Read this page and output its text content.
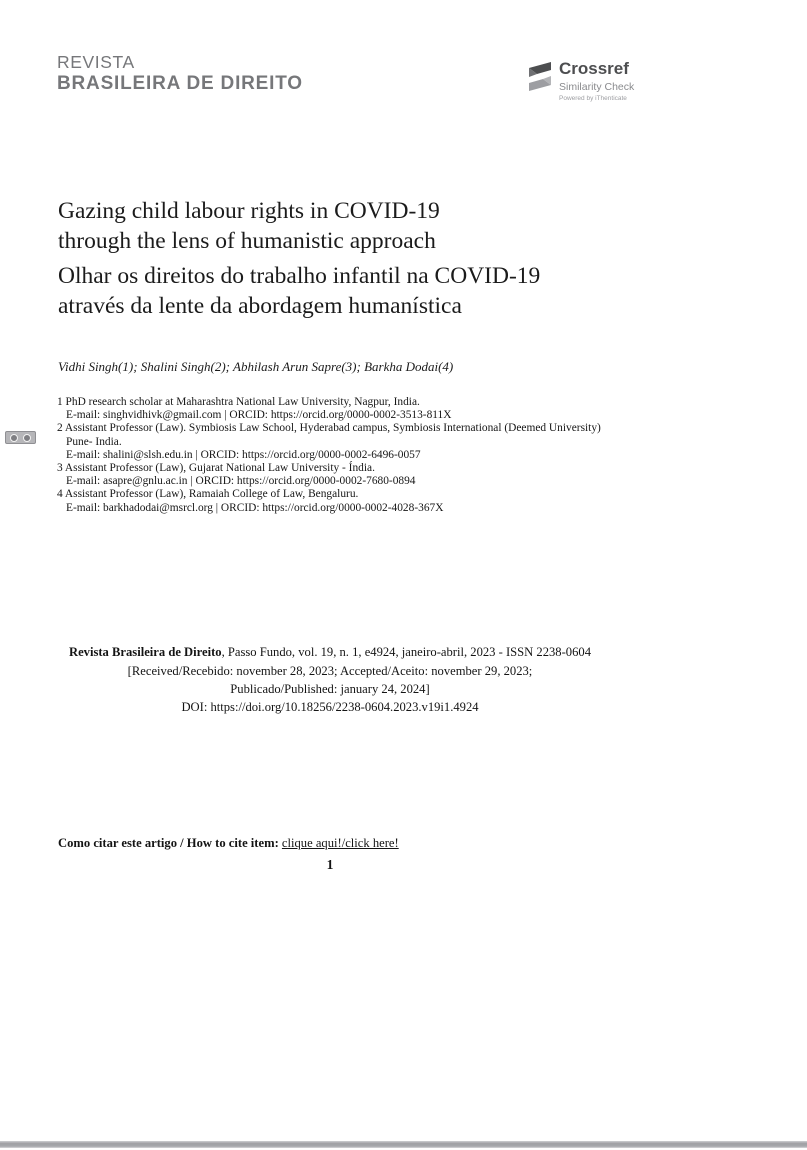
REVISTA
BRASILEIRA DE DIREITO
Crossref
Similarity Check
Powered by iThenticate
Gazing child labour rights in COVID-19
through the lens of humanistic approach
Olhar os direitos do trabalho infantil na COVID-19
através da lente da abordagem humanística
Vidhi Singh(1); Shalini Singh(2); Abhilash Arun Sapre(3); Barkha Dodai(4)
1 PhD research scholar at Maharashtra National Law University, Nagpur, India.
E-mail: singhvidhivk@gmail.com | ORCID: https://orcid.org/0000-0002-3513-811X
2 Assistant Professor (Law). Symbiosis Law School, Hyderabad campus, Symbiosis International (Deemed University)
Pune- India.
E-mail: shalini@slsh.edu.in | ORCID: https://orcid.org/0000-0002-6496-0057
3 Assistant Professor (Law), Gujarat National Law University - Índia.
E-mail: asapre@gnlu.ac.in | ORCID: https://orcid.org/0000-0002-7680-0894
4 Assistant Professor (Law), Ramaiah College of Law, Bengaluru.
E-mail: barkhadodai@msrcl.org | ORCID: https://orcid.org/0000-0002-4028-367X
Revista Brasileira de Direito, Passo Fundo, vol. 19, n. 1, e4924, janeiro-abril, 2023 - ISSN 2238-0604
[Received/Recebido: november 28, 2023; Accepted/Aceito: november 29, 2023;
Publicado/Published: january 24, 2024]
DOI: https://doi.org/10.18256/2238-0604.2023.v19i1.4924
Como citar este artigo / How to cite item: clique aqui!/click here!
1
